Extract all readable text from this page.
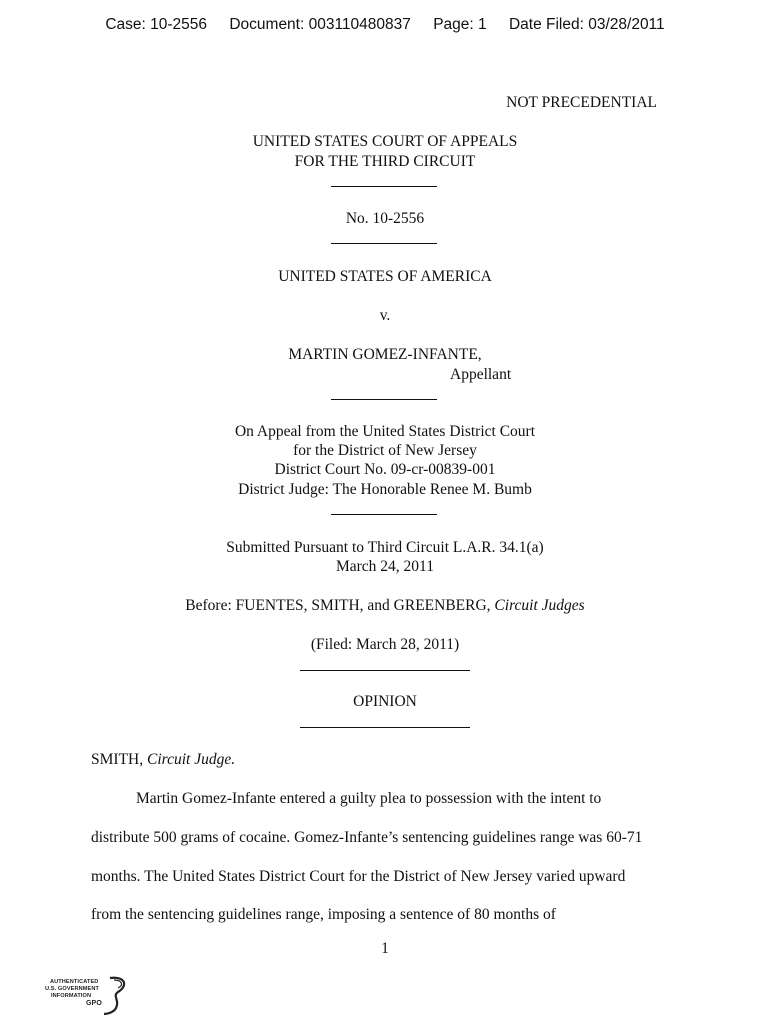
Case: 10-2556 Document: 003110480837 Page: 1 Date Filed: 03/28/2011
NOT PRECEDENTIAL
UNITED STATES COURT OF APPEALS
FOR THE THIRD CIRCUIT
No. 10-2556
UNITED STATES OF AMERICA
v.
MARTIN GOMEZ-INFANTE,
Appellant
On Appeal from the United States District Court
for the District of New Jersey
District Court No. 09-cr-00839-001
District Judge: The Honorable Renee M. Bumb
Submitted Pursuant to Third Circuit L.A.R. 34.1(a)
March 24, 2011
Before: FUENTES, SMITH, and GREENBERG, Circuit Judges
(Filed: March 28, 2011)
OPINION
SMITH, Circuit Judge.
Martin Gomez-Infante entered a guilty plea to possession with the intent to
distribute 500 grams of cocaine. Gomez-Infante’s sentencing guidelines range was 60-71
months. The United States District Court for the District of New Jersey varied upward
from the sentencing guidelines range, imposing a sentence of 80 months of
1
AUTHENTICATED
U.S. GOVERNMENT
INFORMATION
GPO
